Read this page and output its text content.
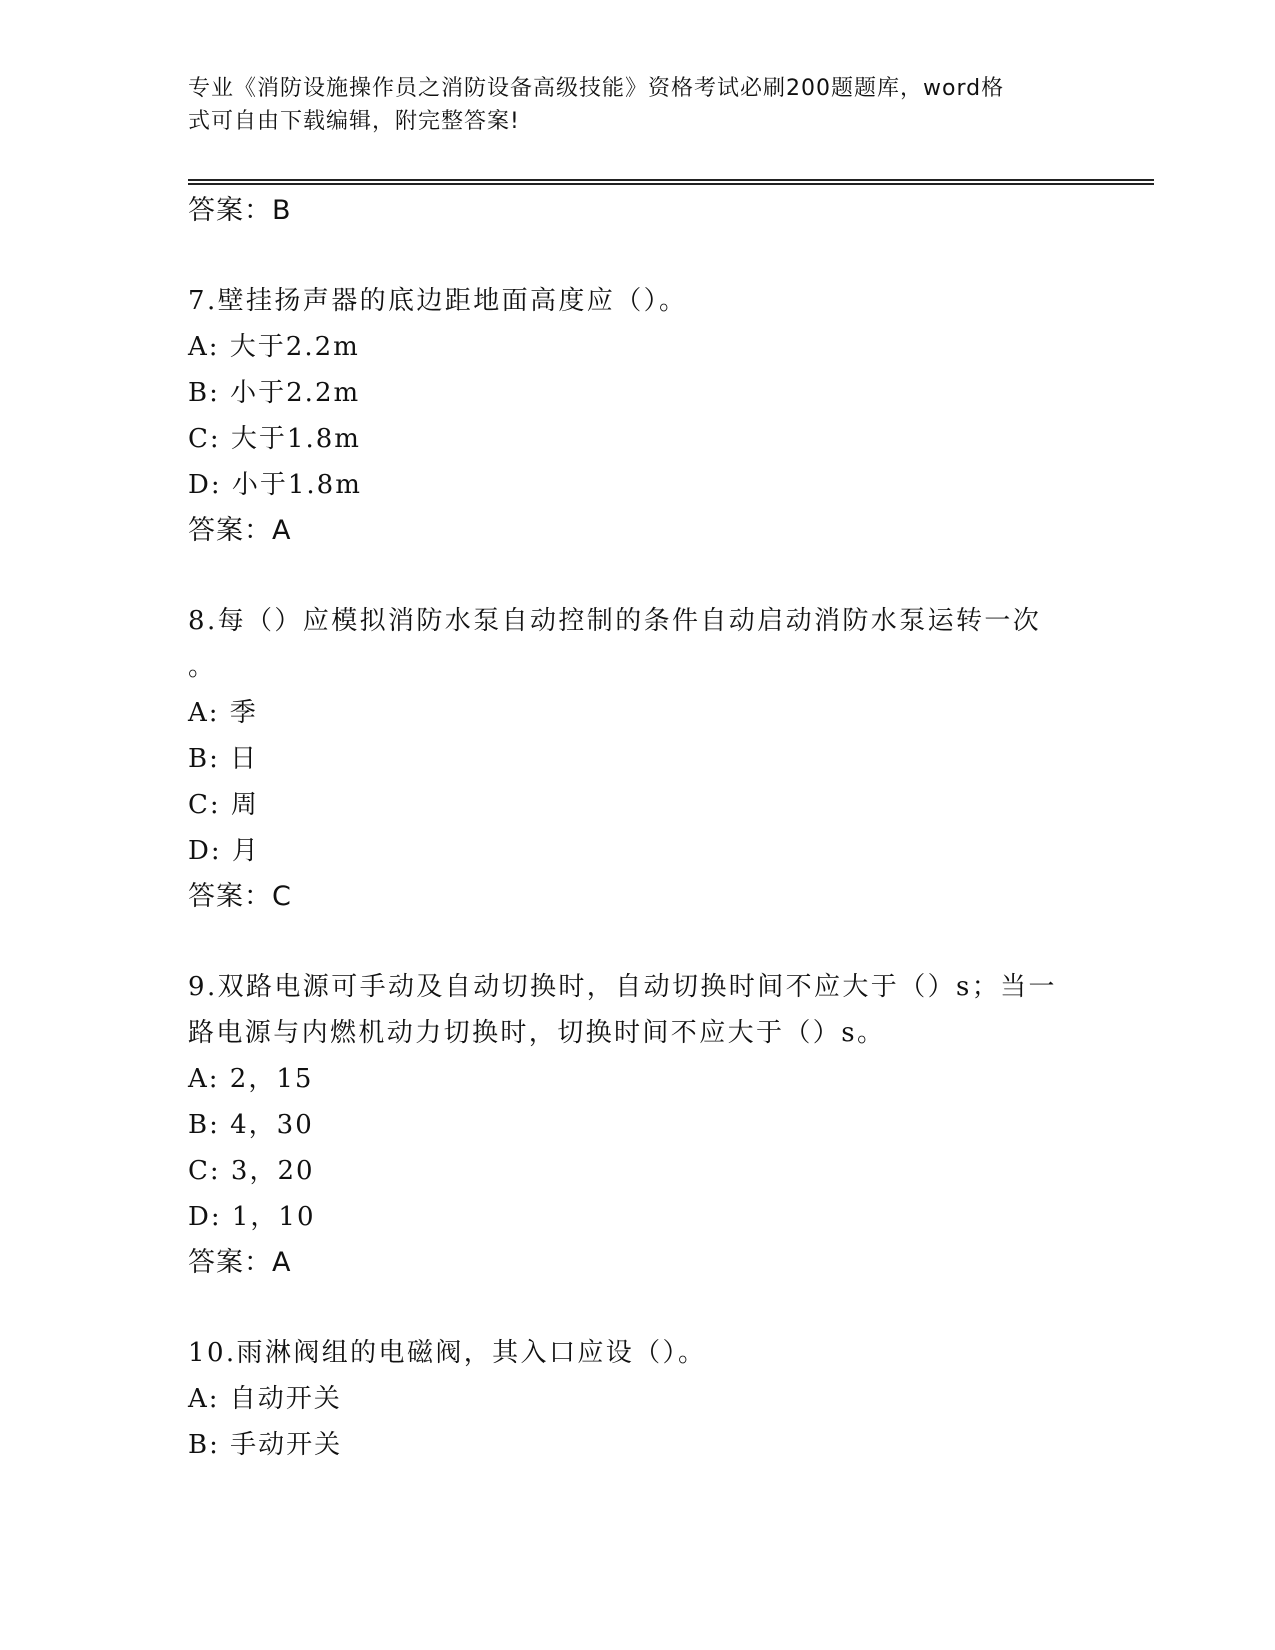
专业《消防设施操作员之消防设备高级技能》资格考试必刷200题题库，word格
式可自由下载编辑，附完整答案!
答案：B
7.壁挂扬声器的底边距地面高度应（）。
A: 大于2.2m
B: 小于2.2m
C: 大于1.8m
D: 小于1.8m
答案：A
8.每（）应模拟消防水泵自动控制的条件自动启动消防水泵运转一次
。
A: 季
B: 日
C: 周
D: 月
答案：C
9.双路电源可手动及自动切换时，自动切换时间不应大于（）s；当一
路电源与内燃机动力切换时，切换时间不应大于（）s。
A: 2，15
B: 4，30
C: 3，20
D: 1，10
答案：A
10.雨淋阀组的电磁阀，其入口应设（）。
A: 自动开关
B: 手动开关
